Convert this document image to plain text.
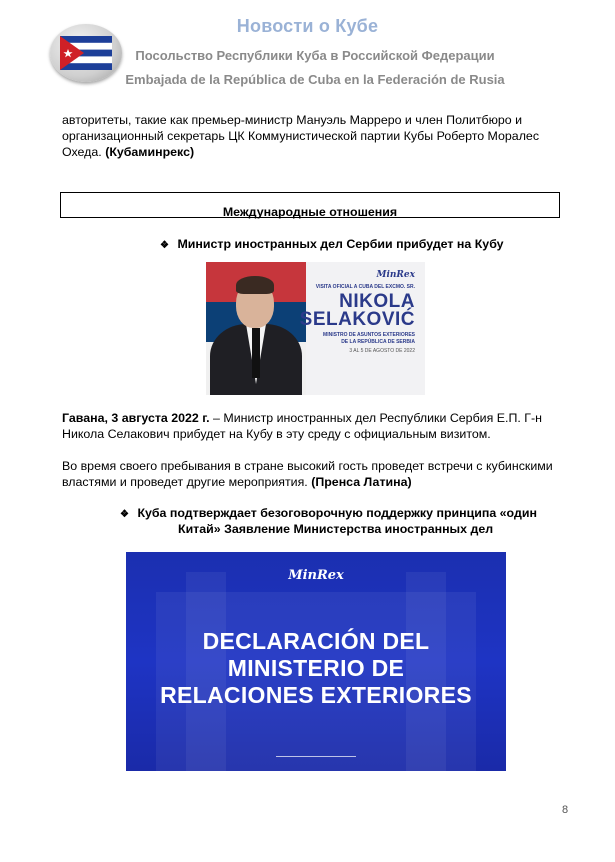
Новости о Кубе
Посольство Республики Куба в Российской Федерации
Embajada de la República de Cuba en la Federación de Rusia
авторитеты, такие как премьер-министр Мануэль Марреро и член Политбюро и
организационный секретарь ЦК Коммунистической партии Кубы Роберто Моралес
Охеда. (Кубаминрекс)
Международные отношения
❖ Министр иностранных дел Сербии прибудет на Кубу
MinRex
VISITA OFICIAL A CUBA DEL EXCMO. SR.
NIKOLA
SELAKOVIĆ
MINISTRO DE ASUNTOS EXTERIORES
DE LA REPÚBLICA DE SERBIA
3 AL 5 DE AGOSTO DE 2022
Гавана, 3 августа 2022 г. – Министр иностранных дел Республики Сербия Е.П. Г-н
Никола Селакович прибудет на Кубу в эту среду с официальным визитом.
Во время своего пребывания в стране высокий гость проведет встречи с кубинскими
властями и проведет другие мероприятия. (Пренса Латина)
❖ Куба подтверждает безоговорочную поддержку принципа «один
Китай» Заявление Министерства иностранных дел
MinRex
DECLARACIÓN DEL
MINISTERIO DE
RELACIONES EXTERIORES
8
